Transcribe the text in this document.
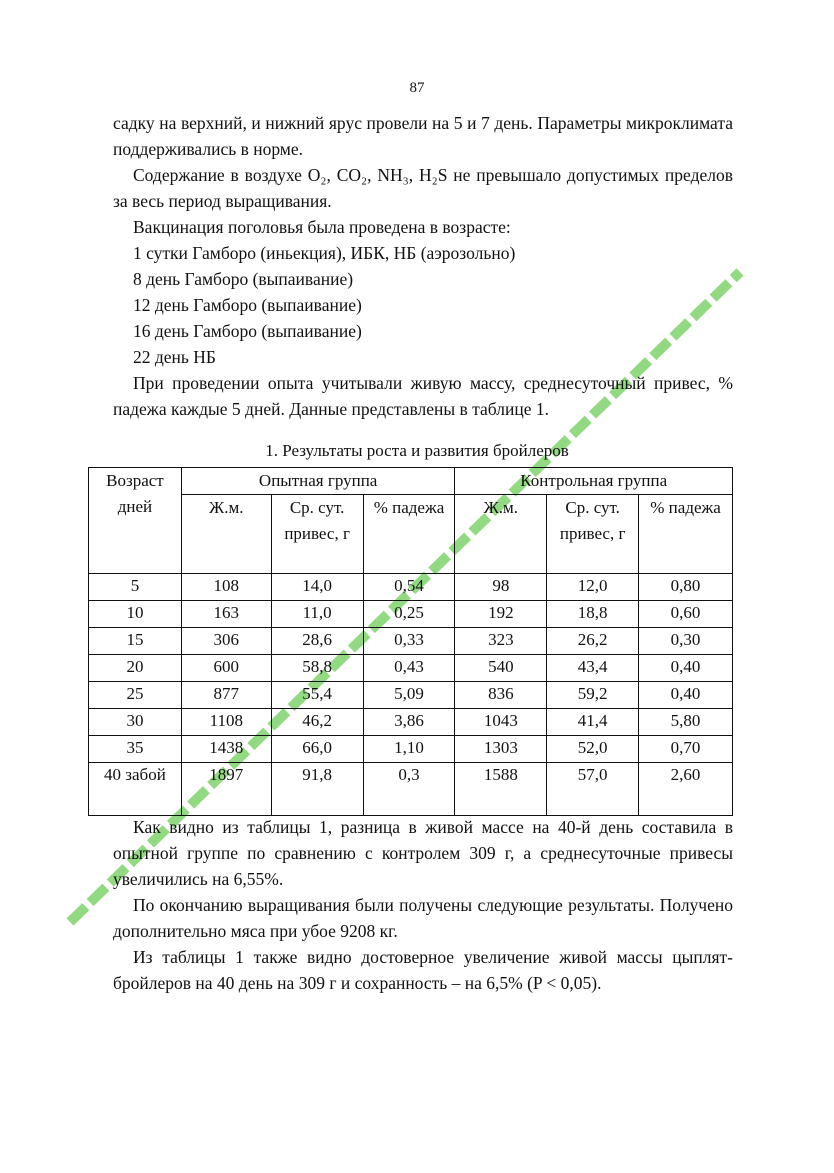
87

садку на верхний, и нижний ярус провели на 5 и 7 день. Параметры микроклимата поддерживались в норме.

Содержание в воздухе O₂, CO₂, NH₃, H₂S не превышало допустимых пределов за весь период выращивания.

Вакцинация поголовья была проведена в возрасте:

1 сутки Гамборо (иньекция), ИБК, НБ (аэрозольно)

8 день Гамборо (выпаивание)

12 день Гамборо (выпаивание)

16 день Гамборо (выпаивание)

22 день НБ

При проведении опыта учитывали живую массу, среднесуточный привес, % падежа каждые 5 дней. Данные представлены в таблице 1.

1. Результаты роста и развития бройлеров
Возраст дней	Опытная группа			Контрольная группа		
	Ж.м.	Ср. сут. привес, г	% падежа	Ж.м.	Ср. сут. привес, г	% падежа
5	108	14,0	0,54	98	12,0	0,80
10	163	11,0	0,25	192	18,8	0,60
15	306	28,6	0,33	323	26,2	0,30
20	600	58,8	0,43	540	43,4	0,40
25	877	55,4	5,09	836	59,2	0,40
30	1108	46,2	3,86	1043	41,4	5,80
35	1438	66,0	1,10	1303	52,0	0,70
40 забой	1897	91,8	0,3	1588	57,0	2,60

Как видно из таблицы 1, разница в живой массе на 40-й день составила в опытной группе по сравнению с контролем 309 г, а среднесуточные привесы увеличились на 6,55%.

По окончанию выращивания были получены следующие результаты. Получено дополнительно мяса при убое 9208 кг.

Из таблицы 1 также видно достоверное увеличение живой массы цыплят-бройлеров на 40 день на 309 г и сохранность – на 6,5% (P < 0,05).
